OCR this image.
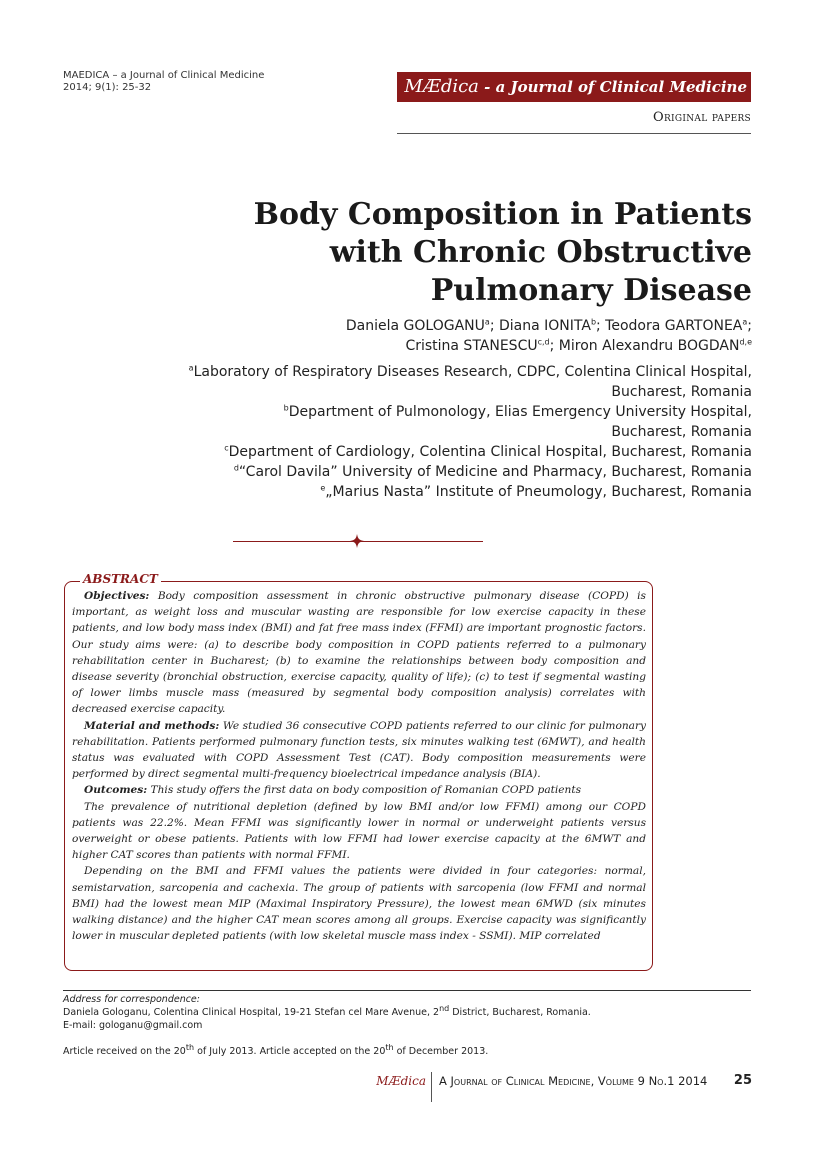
MAEDICA – a Journal of Clinical Medicine
2014; 9(1): 25-32	MÆdica - a Journal of Clinical Medicine
Original papers
Body Composition in Patients
with Chronic Obstructive
Pulmonary Disease
Daniela GOLOGANU$^a$; Diana IONITA$^b$; Teodora GARTONEA$^a$;
Cristina STANESCU$^{c,d}$; Miron Alexandru BOGDAN$^{d,e}$
$^a$Laboratory of Respiratory Diseases Research, CDPC, Colentina Clinical Hospital,
Bucharest, Romania
$^b$Department of Pulmonology, Elias Emergency University Hospital,
Bucharest, Romania
$^c$Department of Cardiology, Colentina Clinical Hospital, Bucharest, Romania
$^d$“Carol Davila” University of Medicine and Pharmacy, Bucharest, Romania
$^e$„Marius Nasta” Institute of Pneumology, Bucharest, Romania
ABSTRACT

Objectives: Body composition assessment in chronic obstructive pulmonary disease (COPD) is important, as weight loss and muscular wasting are responsible for low exercise capacity in these patients, and low body mass index (BMI) and fat free mass index (FFMI) are important prognostic factors. Our study aims were: (a) to describe body composition in COPD patients referred to a pulmonary rehabilitation center in Bucharest; (b) to examine the relationships between body composition and disease severity (bronchial obstruction, exercise capacity, quality of life); (c) to test if segmental wasting of lower limbs muscle mass (measured by segmental body composition analysis) correlates with decreased exercise capacity.

Material and methods: We studied 36 consecutive COPD patients referred to our clinic for pulmonary rehabilitation. Patients performed pulmonary function tests, six minutes walking test (6MWT), and health status was evaluated with COPD Assessment Test (CAT). Body composition measurements were performed by direct segmental multi-frequency bioelectrical impedance analysis (BIA).

Outcomes: This study offers the first data on body composition of Romanian COPD patients

The prevalence of nutritional depletion (defined by low BMI and/or low FFMI) among our COPD patients was 22.2%. Mean FFMI was significantly lower in normal or underweight patients versus overweight or obese patients. Patients with low FFMI had lower exercise capacity at the 6MWT and higher CAT scores than patients with normal FFMI.

Depending on the BMI and FFMI values the patients were divided in four categories: normal, semistarvation, sarcopenia and cachexia. The group of patients with sarcopenia (low FFMI and normal BMI) had the lowest mean MIP (Maximal Inspiratory Pressure), the lowest mean 6MWD (six minutes walking distance) and the higher CAT mean scores among all groups. Exercise capacity was significantly lower in muscular depleted patients (with low skeletal muscle mass index - SSMI). MIP correlated

Address for correspondence:
Daniela Gologanu, Colentina Clinical Hospital, 19-21 Stefan cel Mare Avenue, 2nd District, Bucharest, Romania.
E-mail: gologanu@gmail.com
Article received on the 20th of July 2013. Article accepted on the 20th of December 2013.
MÆdica A Journal of Clinical Medicine, Volume 9 No.1 2014 25
